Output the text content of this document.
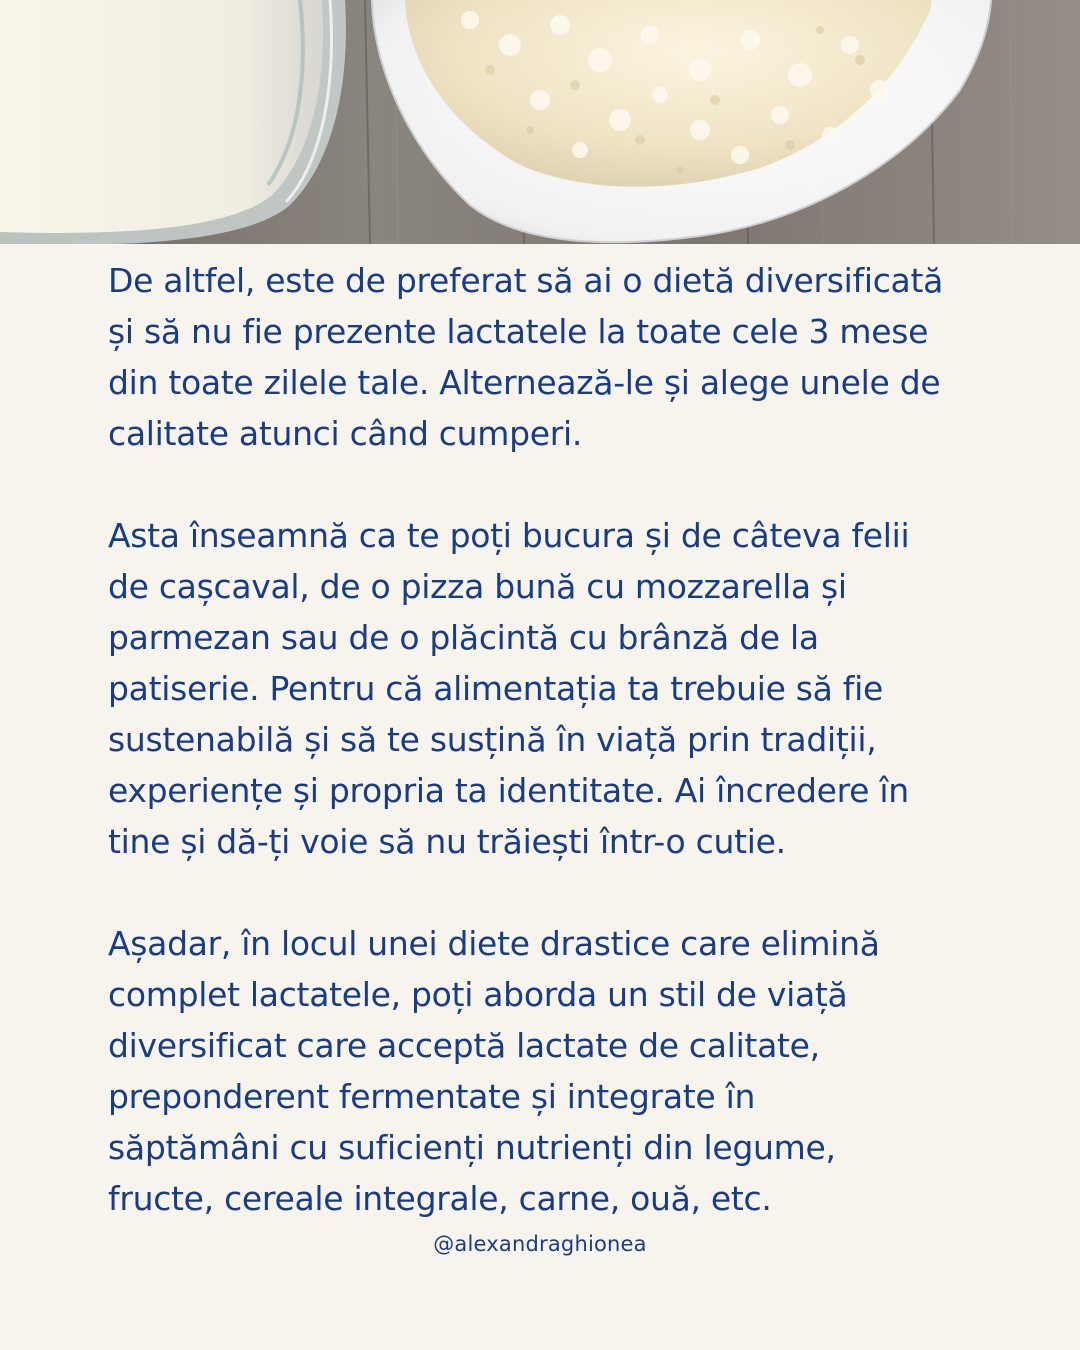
De altfel, este de preferat să ai o dietă diversificată
și să nu fie prezente lactatele la toate cele 3 mese
din toate zilele tale. Alternează-le și alege unele de
calitate atunci când cumperi.

Asta înseamnă ca te poți bucura și de câteva felii
de cașcaval, de o pizza bună cu mozzarella și
parmezan sau de o plăcintă cu brânză de la
patiserie. Pentru că alimentația ta trebuie să fie
sustenabilă și să te susțină în viață prin tradiții,
experiențe și propria ta identitate. Ai încredere în
tine și dă-ți voie să nu trăiești într-o cutie.

Așadar, în locul unei diete drastice care elimină
complet lactatele, poți aborda un stil de viață
diversificat care acceptă lactate de calitate,
preponderent fermentate și integrate în
săptămâni cu suficienți nutrienți din legume,
fructe, cereale integrale, carne, ouă, etc.

@alexandraghionea
